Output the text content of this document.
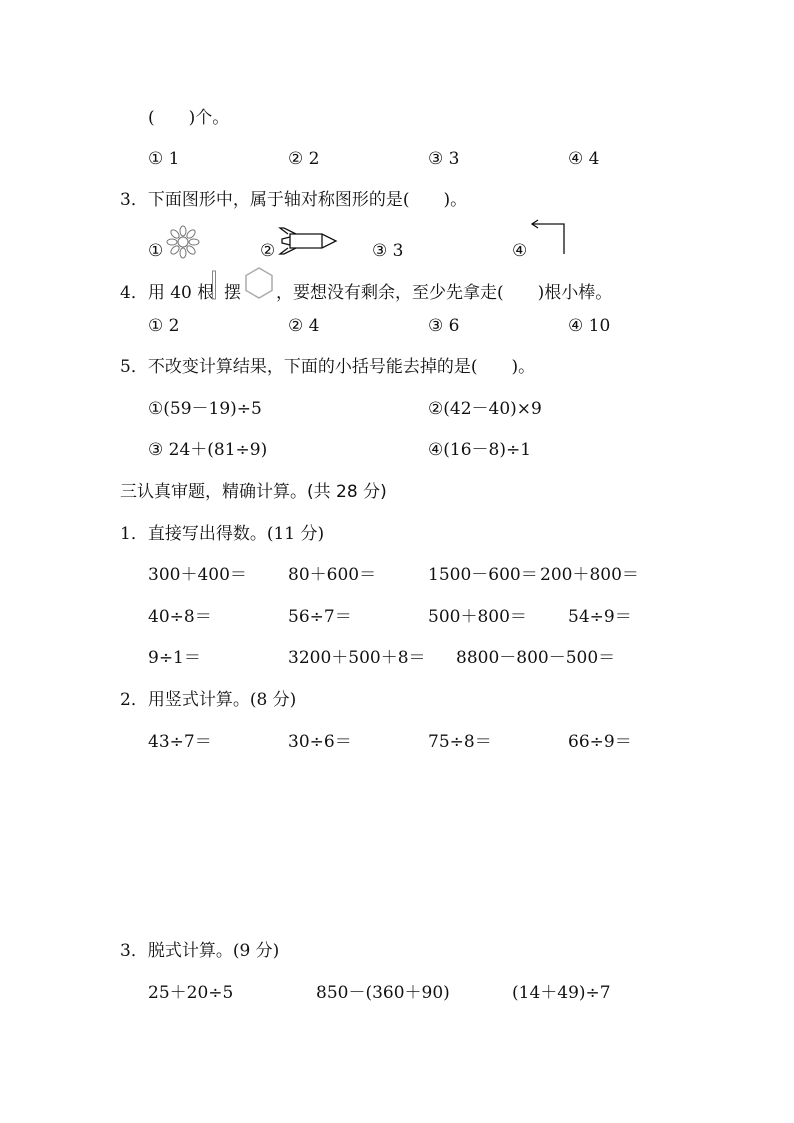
(　　)个。
① 1	② 2	③ 3	④ 4
3．下面图形中，属于轴对称图形的是(　　)。
①	②	③ 3	④
4．用 40 根 摆 ，要想没有剩余，至少先拿走(　　)根小棒。
① 2	② 4	③ 6	④ 10
5．不改变计算结果，下面的小括号能去掉的是(　　)。
①(59－19)÷5	②(42－40)×9
③ 24＋(81÷9)	④(16－8)÷1
三认真审题，精确计算。(共 28 分)
1．直接写出得数。(11 分)
300＋400＝ 80＋600＝	1500－600＝ 200＋800＝
40÷8＝	56÷7＝	500＋800＝ 54÷9＝
9÷1＝	3200＋500＋8＝ 8800－800－500＝
2．用竖式计算。(8 分)
43÷7＝	30÷6＝	75÷8＝	66÷9＝
3．脱式计算。(9 分)
25＋20÷5	850－(360＋90)	(14＋49)÷7
